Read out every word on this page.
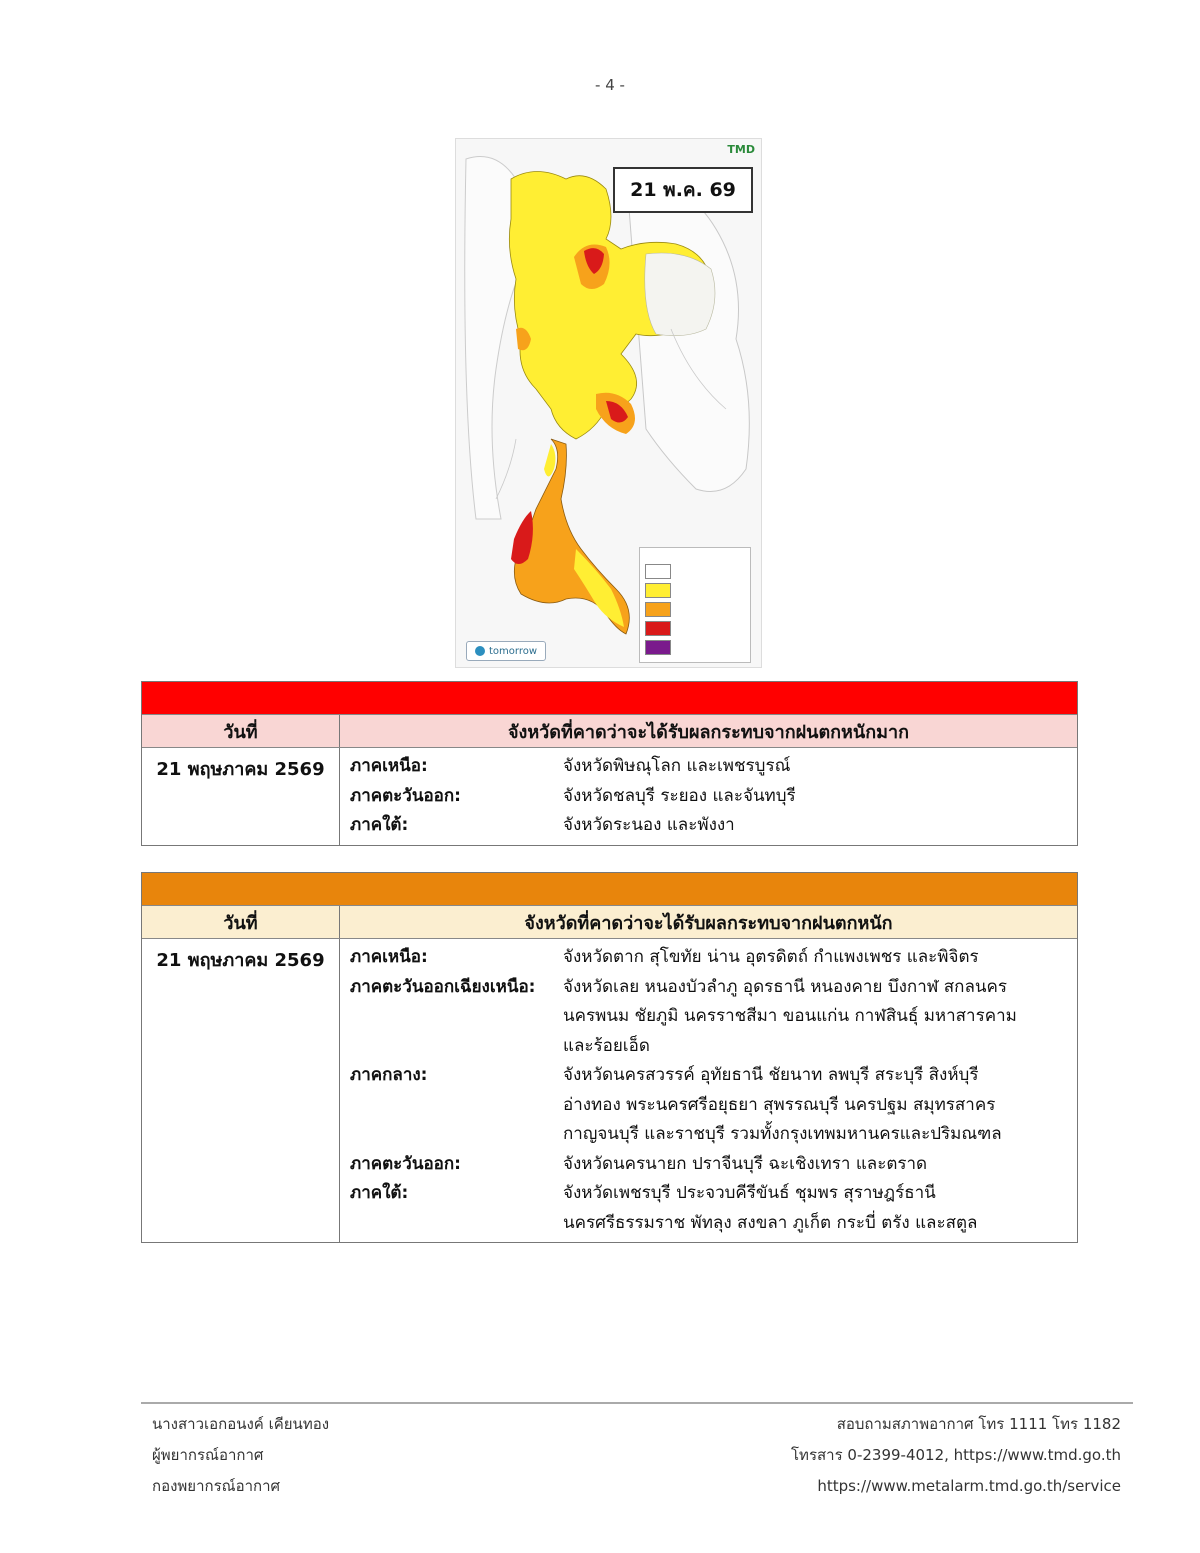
- 4 -
TMD
21 พ.ค. 69
tomorrow
วันที่	จังหวัดที่คาดว่าจะได้รับผลกระทบจากฝนตกหนักมาก
21 พฤษภาคม 2569	ภาคเหนือ:	จังหวัดพิษณุโลก และเพชรบูรณ์
ภาคตะวันออก:	จังหวัดชลบุรี ระยอง และจันทบุรี
ภาคใต้:	จังหวัดระนอง และพังงา
วันที่	จังหวัดที่คาดว่าจะได้รับผลกระทบจากฝนตกหนัก
21 พฤษภาคม 2569	ภาคเหนือ:	จังหวัดตาก สุโขทัย น่าน อุตรดิตถ์ กำแพงเพชร และพิจิตร
ภาคตะวันออกเฉียงเหนือ:	จังหวัดเลย หนองบัวลำภู อุดรธานี หนองคาย บึงกาฬ สกลนคร
นครพนม ชัยภูมิ นครราชสีมา ขอนแก่น กาฬสินธุ์ มหาสารคาม
และร้อยเอ็ด
ภาคกลาง:	จังหวัดนครสวรรค์ อุทัยธานี ชัยนาท ลพบุรี สระบุรี สิงห์บุรี
อ่างทอง พระนครศรีอยุธยา สุพรรณบุรี นครปฐม สมุทรสาคร
กาญจนบุรี และราชบุรี รวมทั้งกรุงเทพมหานครและปริมณฑล
ภาคตะวันออก:	จังหวัดนครนายก ปราจีนบุรี ฉะเชิงเทรา และตราด
ภาคใต้:	จังหวัดเพชรบุรี ประจวบคีรีขันธ์ ชุมพร สุราษฎร์ธานี
นครศรีธรรมราช พัทลุง สงขลา ภูเก็ต กระบี่ ตรัง และสตูล
นางสาวเอกอนงค์ เคียนทอง
ผู้พยากรณ์อากาศ
กองพยากรณ์อากาศ
สอบถามสภาพอากาศ โทร 1111 โทร 1182
โทรสาร 0-2399-4012, https://www.tmd.go.th
https://www.metalarm.tmd.go.th/service
